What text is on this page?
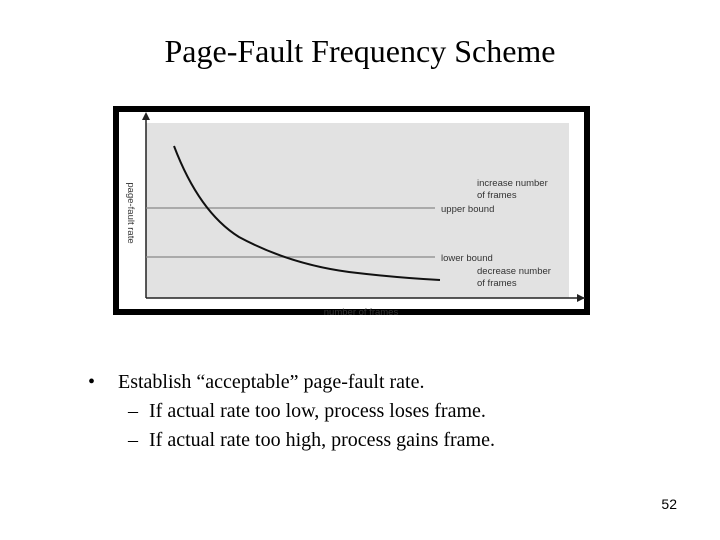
Page-Fault Frequency Scheme
page-fault rate	increase number
of frames
upper bound
lower bound
decrease number
of frames
number of frames
• Establish “acceptable” page-fault rate.
– If actual rate too low, process loses frame.
– If actual rate too high, process gains frame.
52
